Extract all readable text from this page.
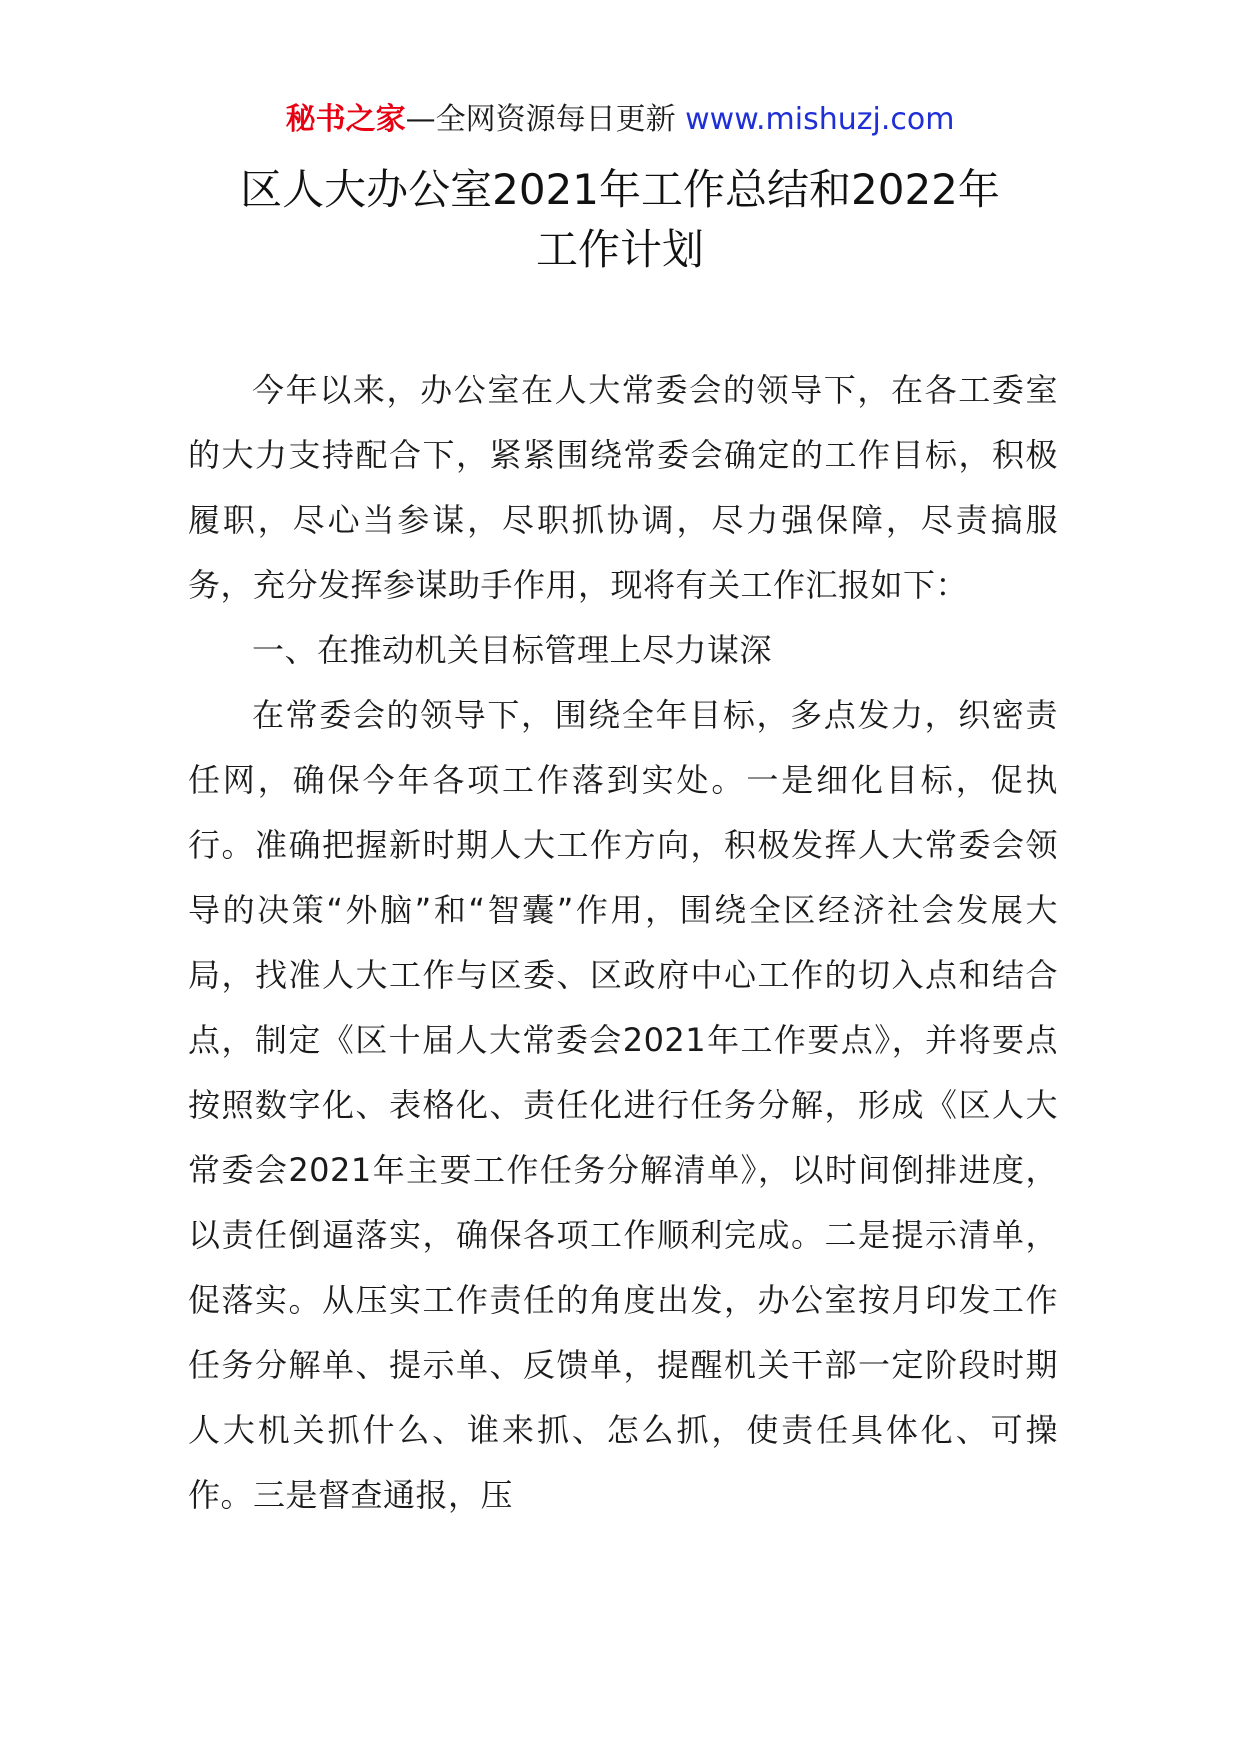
秘书之家—全网资源每日更新 www.mishuzj.com
区人大办公室2021年工作总结和2022年
工作计划

今年以来，办公室在人大常委会的领导下，在各工委室的大力支持配合下，紧紧围绕常委会确定的工作目标，积极履职，尽心当参谋，尽职抓协调，尽力强保障，尽责搞服务，充分发挥参谋助手作用，现将有关工作汇报如下：

一、在推动机关目标管理上尽力谋深

在常委会的领导下，围绕全年目标，多点发力，织密责任网，确保今年各项工作落到实处。一是细化目标，促执行。准确把握新时期人大工作方向，积极发挥人大常委会领导的决策“外脑”和“智囊”作用，围绕全区经济社会发展大局，找准人大工作与区委、区政府中心工作的切入点和结合点，制定《区十届人大常委会2021年工作要点》，并将要点按照数字化、表格化、责任化进行任务分解，形成《区人大常委会2021年主要工作任务分解清单》，以时间倒排进度，以责任倒逼落实，确保各项工作顺利完成。二是提示清单，促落实。从压实工作责任的角度出发，办公室按月印发工作任务分解单、提示单、反馈单，提醒机关干部一定阶段时期人大机关抓什么、谁来抓、怎么抓，使责任具体化、可操作。三是督查通报，压
